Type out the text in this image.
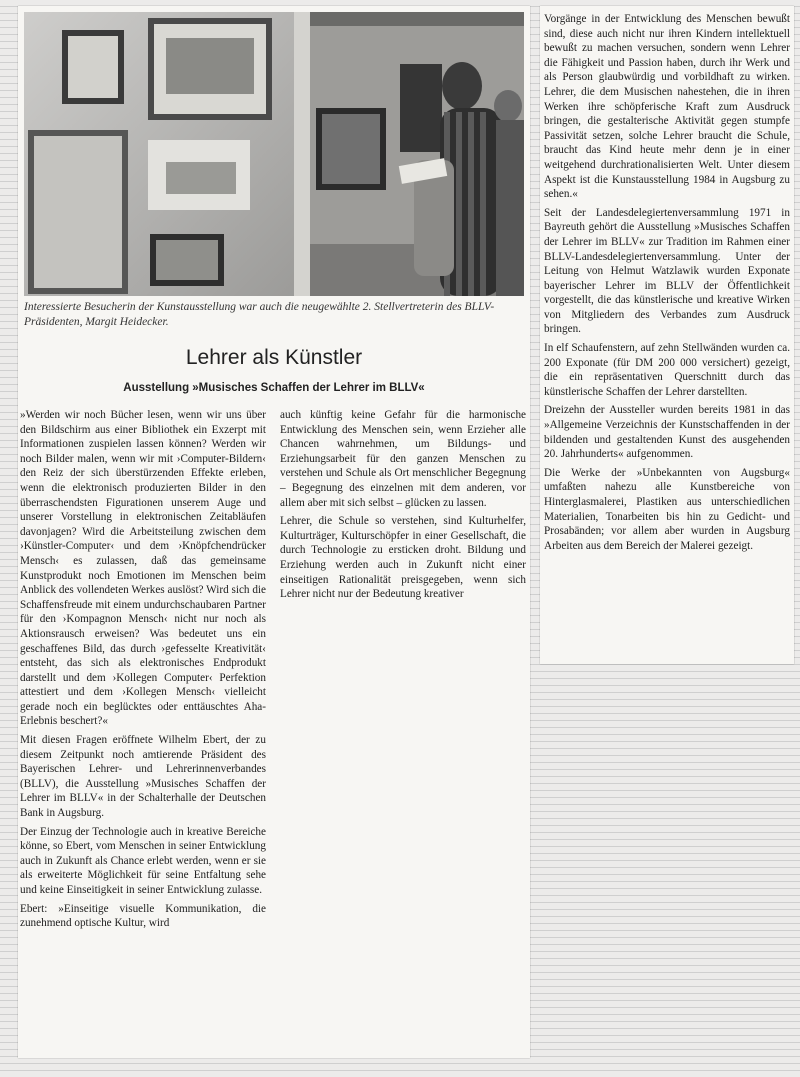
Interessierte Besucherin der Kunstausstellung war auch die neugewählte 2. Stellvertreterin des BLLV-Präsidenten, Margit Heidecker.
Lehrer als Künstler
Ausstellung »Musisches Schaffen der Lehrer im BLLV«

»Werden wir noch Bücher lesen, wenn wir uns über den Bildschirm aus einer Bibliothek ein Exzerpt mit Informationen zuspielen lassen können? Werden wir noch Bilder malen, wenn wir mit ›Computer-Bildern‹ den Reiz der sich überstürzenden Effekte erleben, wenn die elektronisch produzierten Bilder in den überraschendsten Figurationen unserem Auge und unserer Vorstellung in elektronischen Zeitabläufen davonjagen? Wird die Arbeitsteilung zwischen dem ›Künstler-Computer‹ und dem ›Knöpfchendrücker Mensch‹ es zulassen, daß das gemeinsame Kunstprodukt noch Emotionen im Menschen beim Anblick des vollendeten Werkes auslöst? Wird sich die Schaffensfreude mit einem undurchschaubaren Partner für den ›Kompagnon Mensch‹ nicht nur noch als Aktionsrausch erweisen? Was bedeutet uns ein geschaffenes Bild, das durch ›gefesselte Kreativität‹ entsteht, das sich als elektronisches Endprodukt darstellt und dem ›Kollegen Computer‹ Perfektion attestiert und dem ›Kollegen Mensch‹ vielleicht gerade noch ein beglücktes oder enttäuschtes Aha-Erlebnis beschert?«

Mit diesen Fragen eröffnete Wilhelm Ebert, der zu diesem Zeitpunkt noch amtierende Präsident des Bayerischen Lehrer- und Lehrerinnenverbandes (BLLV), die Ausstellung »Musisches Schaffen der Lehrer im BLLV« in der Schalterhalle der Deutschen Bank in Augsburg.

Der Einzug der Technologie auch in kreative Bereiche könne, so Ebert, vom Menschen in seiner Entwicklung auch in Zukunft als Chance erlebt werden, wenn er sie als erweiterte Möglichkeit für seine Entfaltung sehe und keine Einseitigkeit in seiner Entwicklung zulasse.

Ebert: »Einseitige visuelle Kommunikation, die zunehmend optische Kultur, wird

auch künftig keine Gefahr für die harmonische Entwicklung des Menschen sein, wenn Erzieher alle Chancen wahrnehmen, um Bildungs- und Erziehungsarbeit für den ganzen Menschen zu verstehen und Schule als Ort menschlicher Begegnung – Begegnung des einzelnen mit dem anderen, vor allem aber mit sich selbst – glücken zu lassen.

Lehrer, die Schule so verstehen, sind Kulturhelfer, Kulturträger, Kulturschöpfer in einer Gesellschaft, die durch Technologie zu ersticken droht. Bildung und Erziehung werden auch in Zukunft nicht einer einseitigen Rationalität preisgegeben, wenn sich Lehrer nicht nur der Bedeutung kreativer

Vorgänge in der Entwicklung des Menschen bewußt sind, diese auch nicht nur ihren Kindern intellektuell bewußt zu machen versuchen, sondern wenn Lehrer die Fähigkeit und Passion haben, durch ihr Werk und als Person glaubwürdig und vorbildhaft zu wirken. Lehrer, die dem Musischen nahestehen, die in ihren Werken ihre schöpferische Kraft zum Ausdruck bringen, die gestalterische Aktivität gegen stumpfe Passivität setzen, solche Lehrer braucht die Schule, braucht das Kind heute mehr denn je in einer weitgehend durchrationalisierten Welt. Unter diesem Aspekt ist die Kunstausstellung 1984 in Augsburg zu sehen.«

Seit der Landesdelegiertenversammlung 1971 in Bayreuth gehört die Ausstellung »Musisches Schaffen der Lehrer im BLLV« zur Tradition im Rahmen einer BLLV-Landesdelegiertenversammlung. Unter der Leitung von Helmut Watzlawik wurden Exponate bayerischer Lehrer im BLLV der Öffentlichkeit vorgestellt, die das künstlerische und kreative Wirken von Mitgliedern des Verbandes zum Ausdruck bringen.

In elf Schaufenstern, auf zehn Stellwänden wurden ca. 200 Exponate (für DM 200 000 versichert) gezeigt, die ein repräsentativen Querschnitt durch das künstlerische Schaffen der Lehrer darstellten.

Dreizehn der Aussteller wurden bereits 1981 in das »Allgemeine Verzeichnis der Kunstschaffenden in der bildenden und gestaltenden Kunst des ausgehenden 20. Jahrhunderts« aufgenommen.

Die Werke der »Unbekannten von Augsburg« umfaßten nahezu alle Kunstbereiche von Hinterglasmalerei, Plastiken aus unterschiedlichen Materialien, Tonarbeiten bis hin zu Gedicht- und Prosabänden; vor allem aber wurden in Augsburg Arbeiten aus dem Bereich der Malerei gezeigt.
